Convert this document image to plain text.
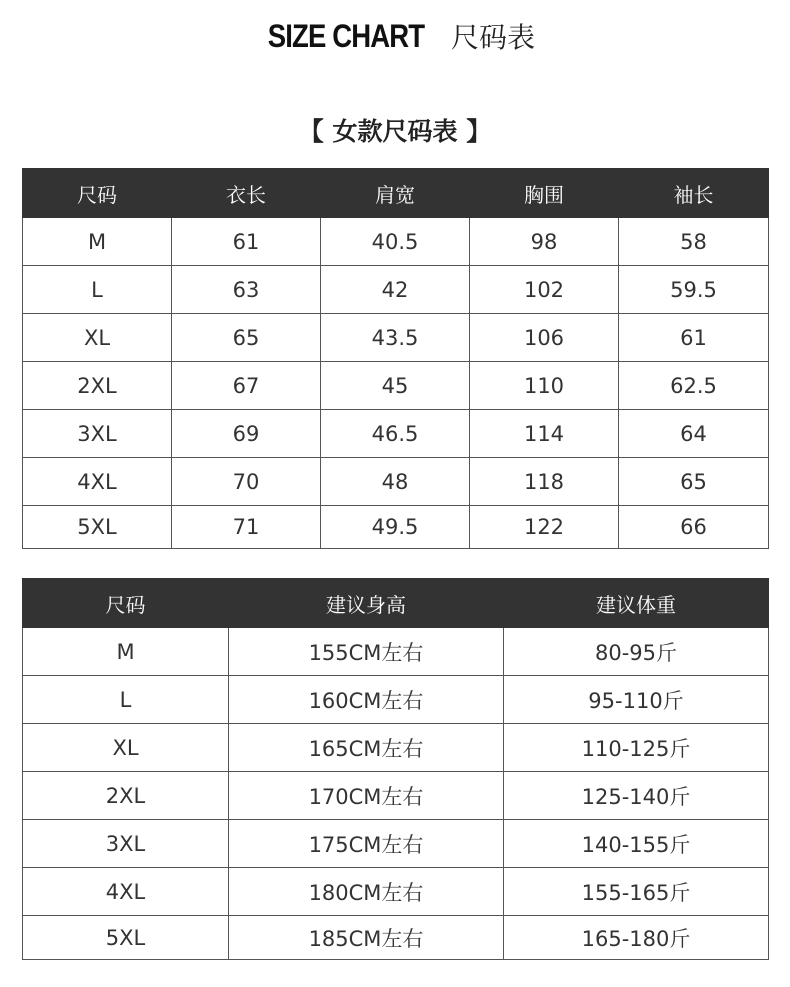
SIZE CHART 尺码表
【 女款尺码表 】
尺码	衣长	肩宽	胸围	袖长
M	61	40.5	98	58
L	63	42	102	59.5
XL	65	43.5	106	61
2XL	67	45	110	62.5
3XL	69	46.5	114	64
4XL	70	48	118	65
5XL	71	49.5	122	66
尺码	建议身高	建议体重
M	155CM左右	80-95斤
L	160CM左右	95-110斤
XL	165CM左右	110-125斤
2XL	170CM左右	125-140斤
3XL	175CM左右	140-155斤
4XL	180CM左右	155-165斤
5XL	185CM左右	165-180斤
